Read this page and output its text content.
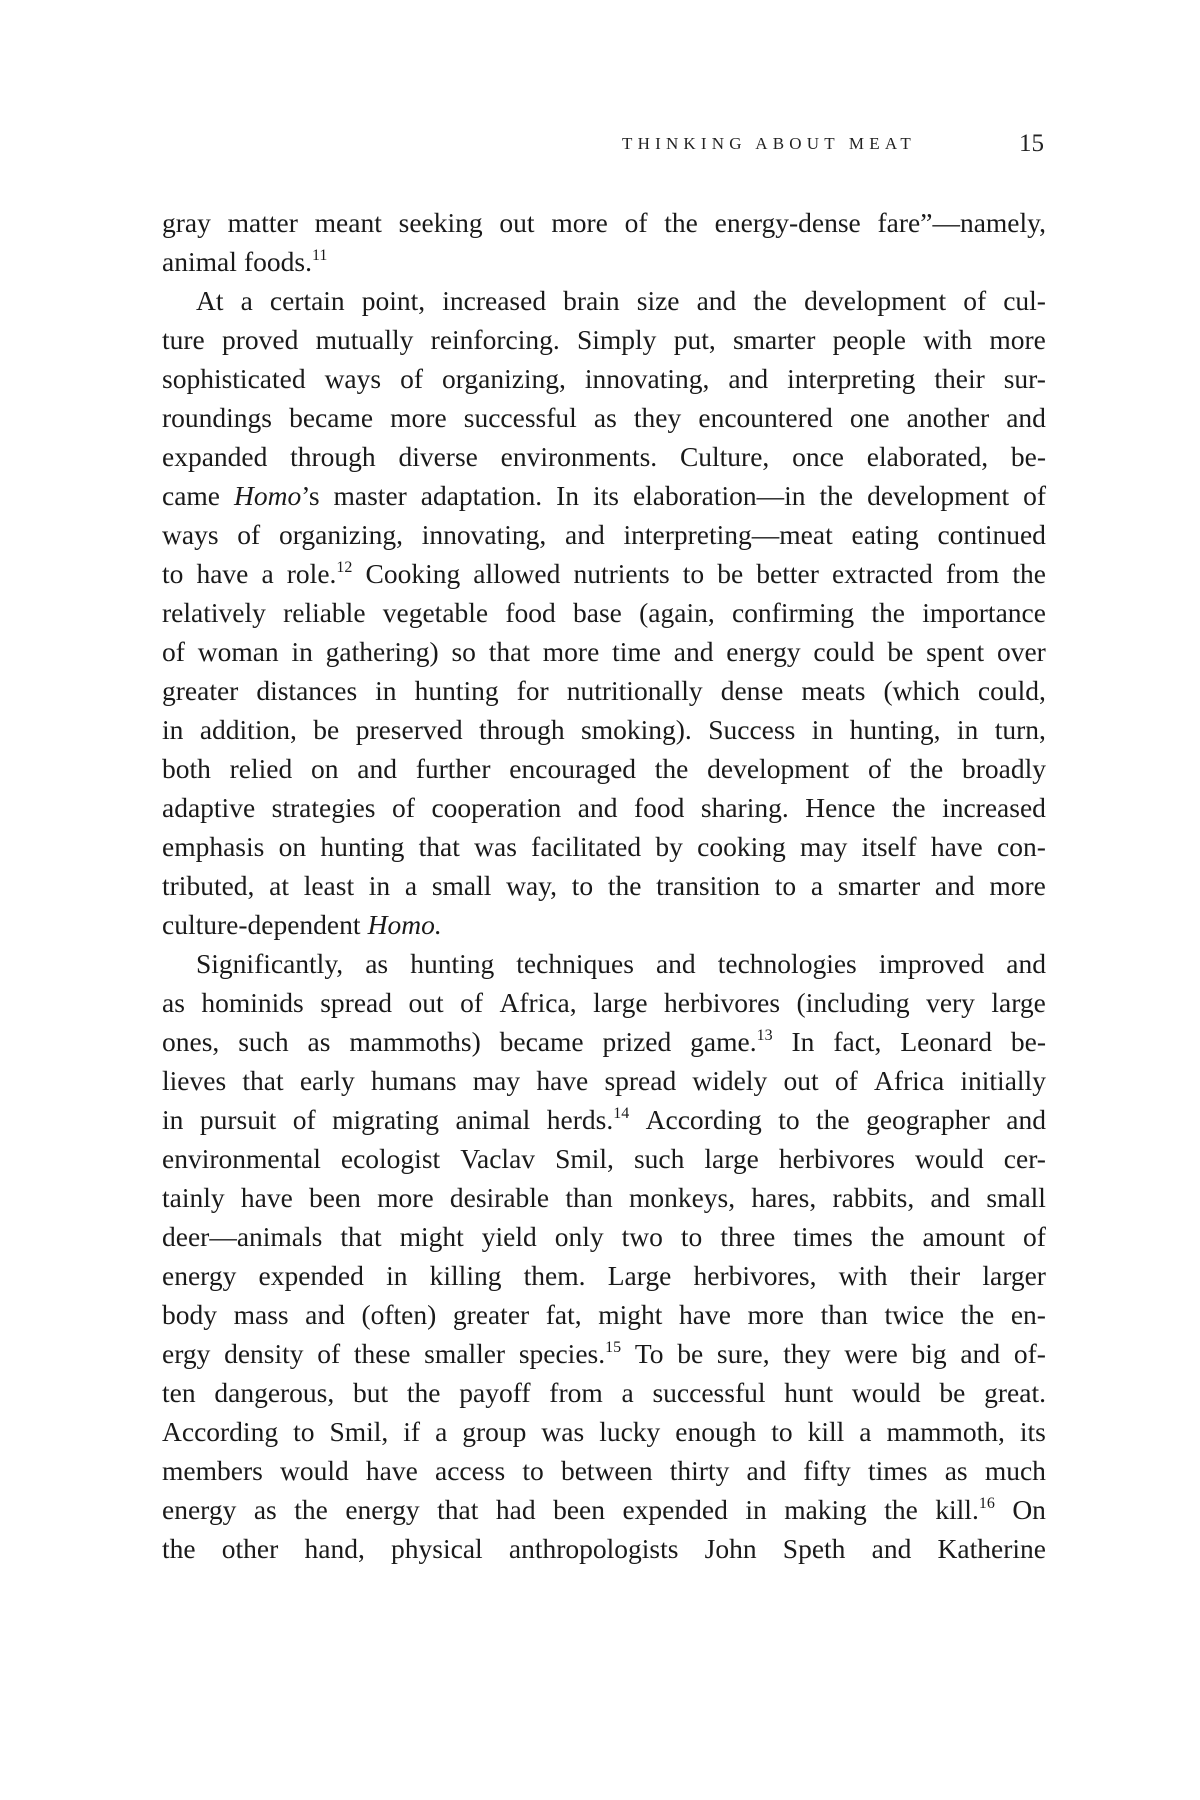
THINKING ABOUT MEAT	15
gray matter meant seeking out more of the energy-dense fare”—namely,
animal foods.$^{11}$
At a certain point, increased brain size and the development of cul-
ture proved mutually reinforcing. Simply put, smarter people with more
sophisticated ways of organizing, innovating, and interpreting their sur-
roundings became more successful as they encountered one another and
expanded through diverse environments. Culture, once elaborated, be-
came Homo’s master adaptation. In its elaboration—in the development of
ways of organizing, innovating, and interpreting—meat eating continued
to have a role.$^{12}$ Cooking allowed nutrients to be better extracted from the
relatively reliable vegetable food base (again, confirming the importance
of woman in gathering) so that more time and energy could be spent over
greater distances in hunting for nutritionally dense meats (which could,
in addition, be preserved through smoking). Success in hunting, in turn,
both relied on and further encouraged the development of the broadly
adaptive strategies of cooperation and food sharing. Hence the increased
emphasis on hunting that was facilitated by cooking may itself have con-
tributed, at least in a small way, to the transition to a smarter and more
culture-dependent Homo.
Significantly, as hunting techniques and technologies improved and
as hominids spread out of Africa, large herbivores (including very large
ones, such as mammoths) became prized game.$^{13}$ In fact, Leonard be-
lieves that early humans may have spread widely out of Africa initially
in pursuit of migrating animal herds.$^{14}$ According to the geographer and
environmental ecologist Vaclav Smil, such large herbivores would cer-
tainly have been more desirable than monkeys, hares, rabbits, and small
deer—animals that might yield only two to three times the amount of
energy expended in killing them. Large herbivores, with their larger
body mass and (often) greater fat, might have more than twice the en-
ergy density of these smaller species.$^{15}$ To be sure, they were big and of-
ten dangerous, but the payoff from a successful hunt would be great.
According to Smil, if a group was lucky enough to kill a mammoth, its
members would have access to between thirty and fifty times as much
energy as the energy that had been expended in making the kill.$^{16}$ On
the other hand, physical anthropologists John Speth and Katherine
